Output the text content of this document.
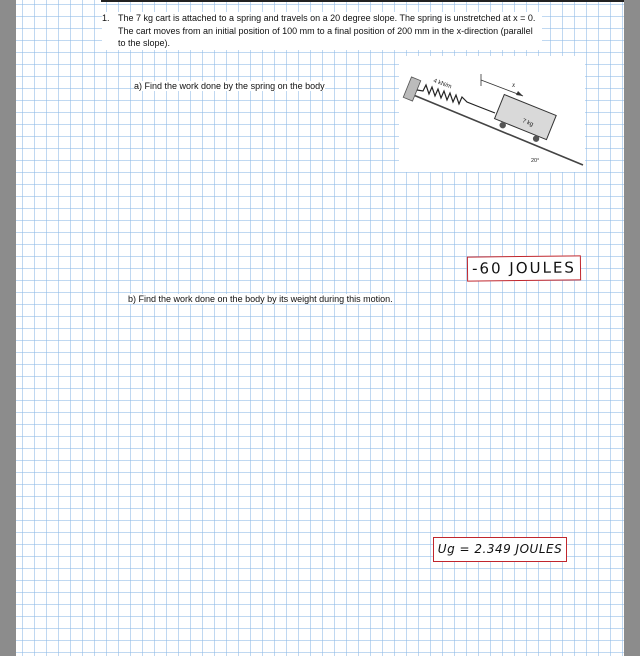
1. The 7 kg cart is attached to a spring and travels on a 20 degree slope. The spring is unstretched at x = 0. The cart moves from an initial position of 100 mm to a final position of 200 mm in the x-direction (parallel to the slope).
a) Find the work done by the spring on the body	4 kN/m	x
7 kg
20°
-60 JOULES
b) Find the work done on the body by its weight during this motion.
Ug = 2.349 JOULES
